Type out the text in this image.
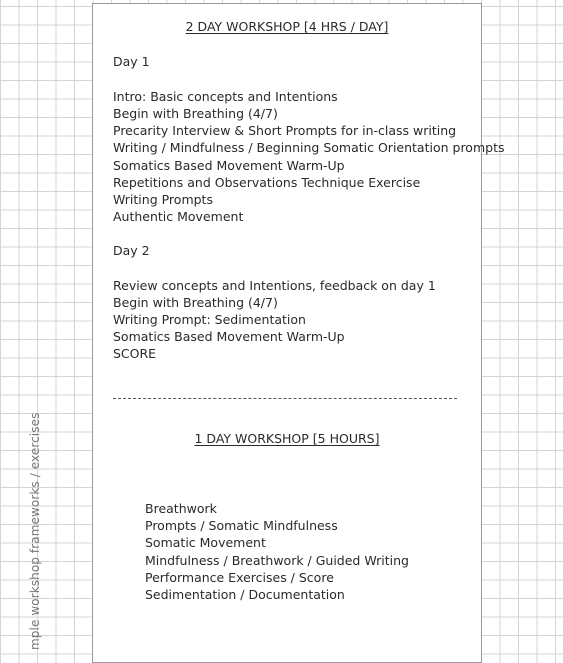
mple workshop frameworks / exercises
2 DAY WORKSHOP [4 HRS / DAY]

Day 1

Intro: Basic concepts and Intentions

Begin with Breathing (4/7)

Precarity Interview & Short Prompts for in-class writing

Writing / Mindfulness / Beginning Somatic Orientation prompts

Somatics Based Movement Warm-Up

Repetitions and Observations Technique Exercise

Writing Prompts

Authentic Movement

Day 2

Review concepts and Intentions, feedback on day 1

Begin with Breathing (4/7)

Writing Prompt: Sedimentation

Somatics Based Movement Warm-Up

SCORE

1 DAY WORKSHOP [5 HOURS]

Breathwork

Prompts / Somatic Mindfulness

Somatic Movement

Mindfulness / Breathwork / Guided Writing

Performance Exercises / Score

Sedimentation / Documentation
